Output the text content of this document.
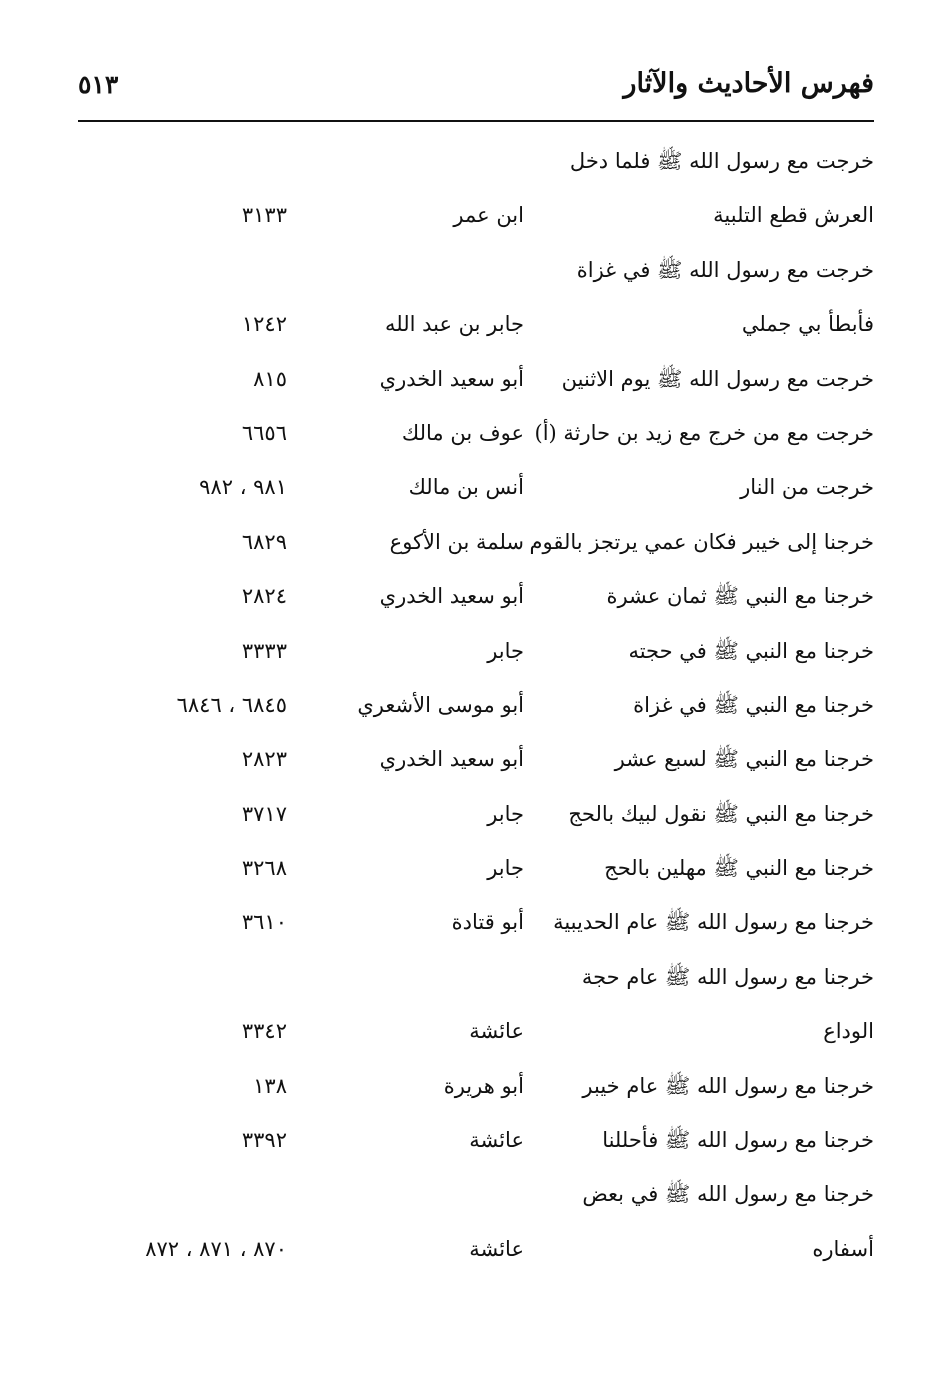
فهرس الأحاديث والآثار
٥١٣
خرجت مع رسول الله ﷺ فلما دخل
العرش قطع التلبية
ابن عمر
٣١٣٣
خرجت مع رسول الله ﷺ في غزاة
فأبطأ بي جملي
جابر بن عبد الله
١٢٤٢
خرجت مع رسول الله ﷺ يوم الاثنين
أبو سعيد الخدري
٨١٥
خرجت مع من خرج مع زيد بن حارثة (أ)
عوف بن مالك
٦٦٥٦
خرجت من النار
أنس بن مالك
٩٨١ ، ٩٨٢
خرجنا إلى خيبر فكان عمي يرتجز بالقوم
سلمة بن الأكوع
٦٨٢٩
خرجنا مع النبي ﷺ ثمان عشرة
أبو سعيد الخدري
٢٨٢٤
خرجنا مع النبي ﷺ في حجته
جابر
٣٣٣٣
خرجنا مع النبي ﷺ في غزاة
أبو موسى الأشعري
٦٨٤٥ ، ٦٨٤٦
خرجنا مع النبي ﷺ لسبع عشر
أبو سعيد الخدري
٢٨٢٣
خرجنا مع النبي ﷺ نقول لبيك بالحج
جابر
٣٧١٧
خرجنا مع النبي ﷺ مهلين بالحج
جابر
٣٢٦٨
خرجنا مع رسول الله ﷺ عام الحديبية
أبو قتادة
٣٦١٠
خرجنا مع رسول الله ﷺ عام حجة
الوداع
عائشة
٣٣٤٢
خرجنا مع رسول الله ﷺ عام خيبر
أبو هريرة
١٣٨
خرجنا مع رسول الله ﷺ فأحللنا
عائشة
٣٣٩٢
خرجنا مع رسول الله ﷺ في بعض
أسفاره
عائشة
٨٧٠ ، ٨٧١ ، ٨٧٢
